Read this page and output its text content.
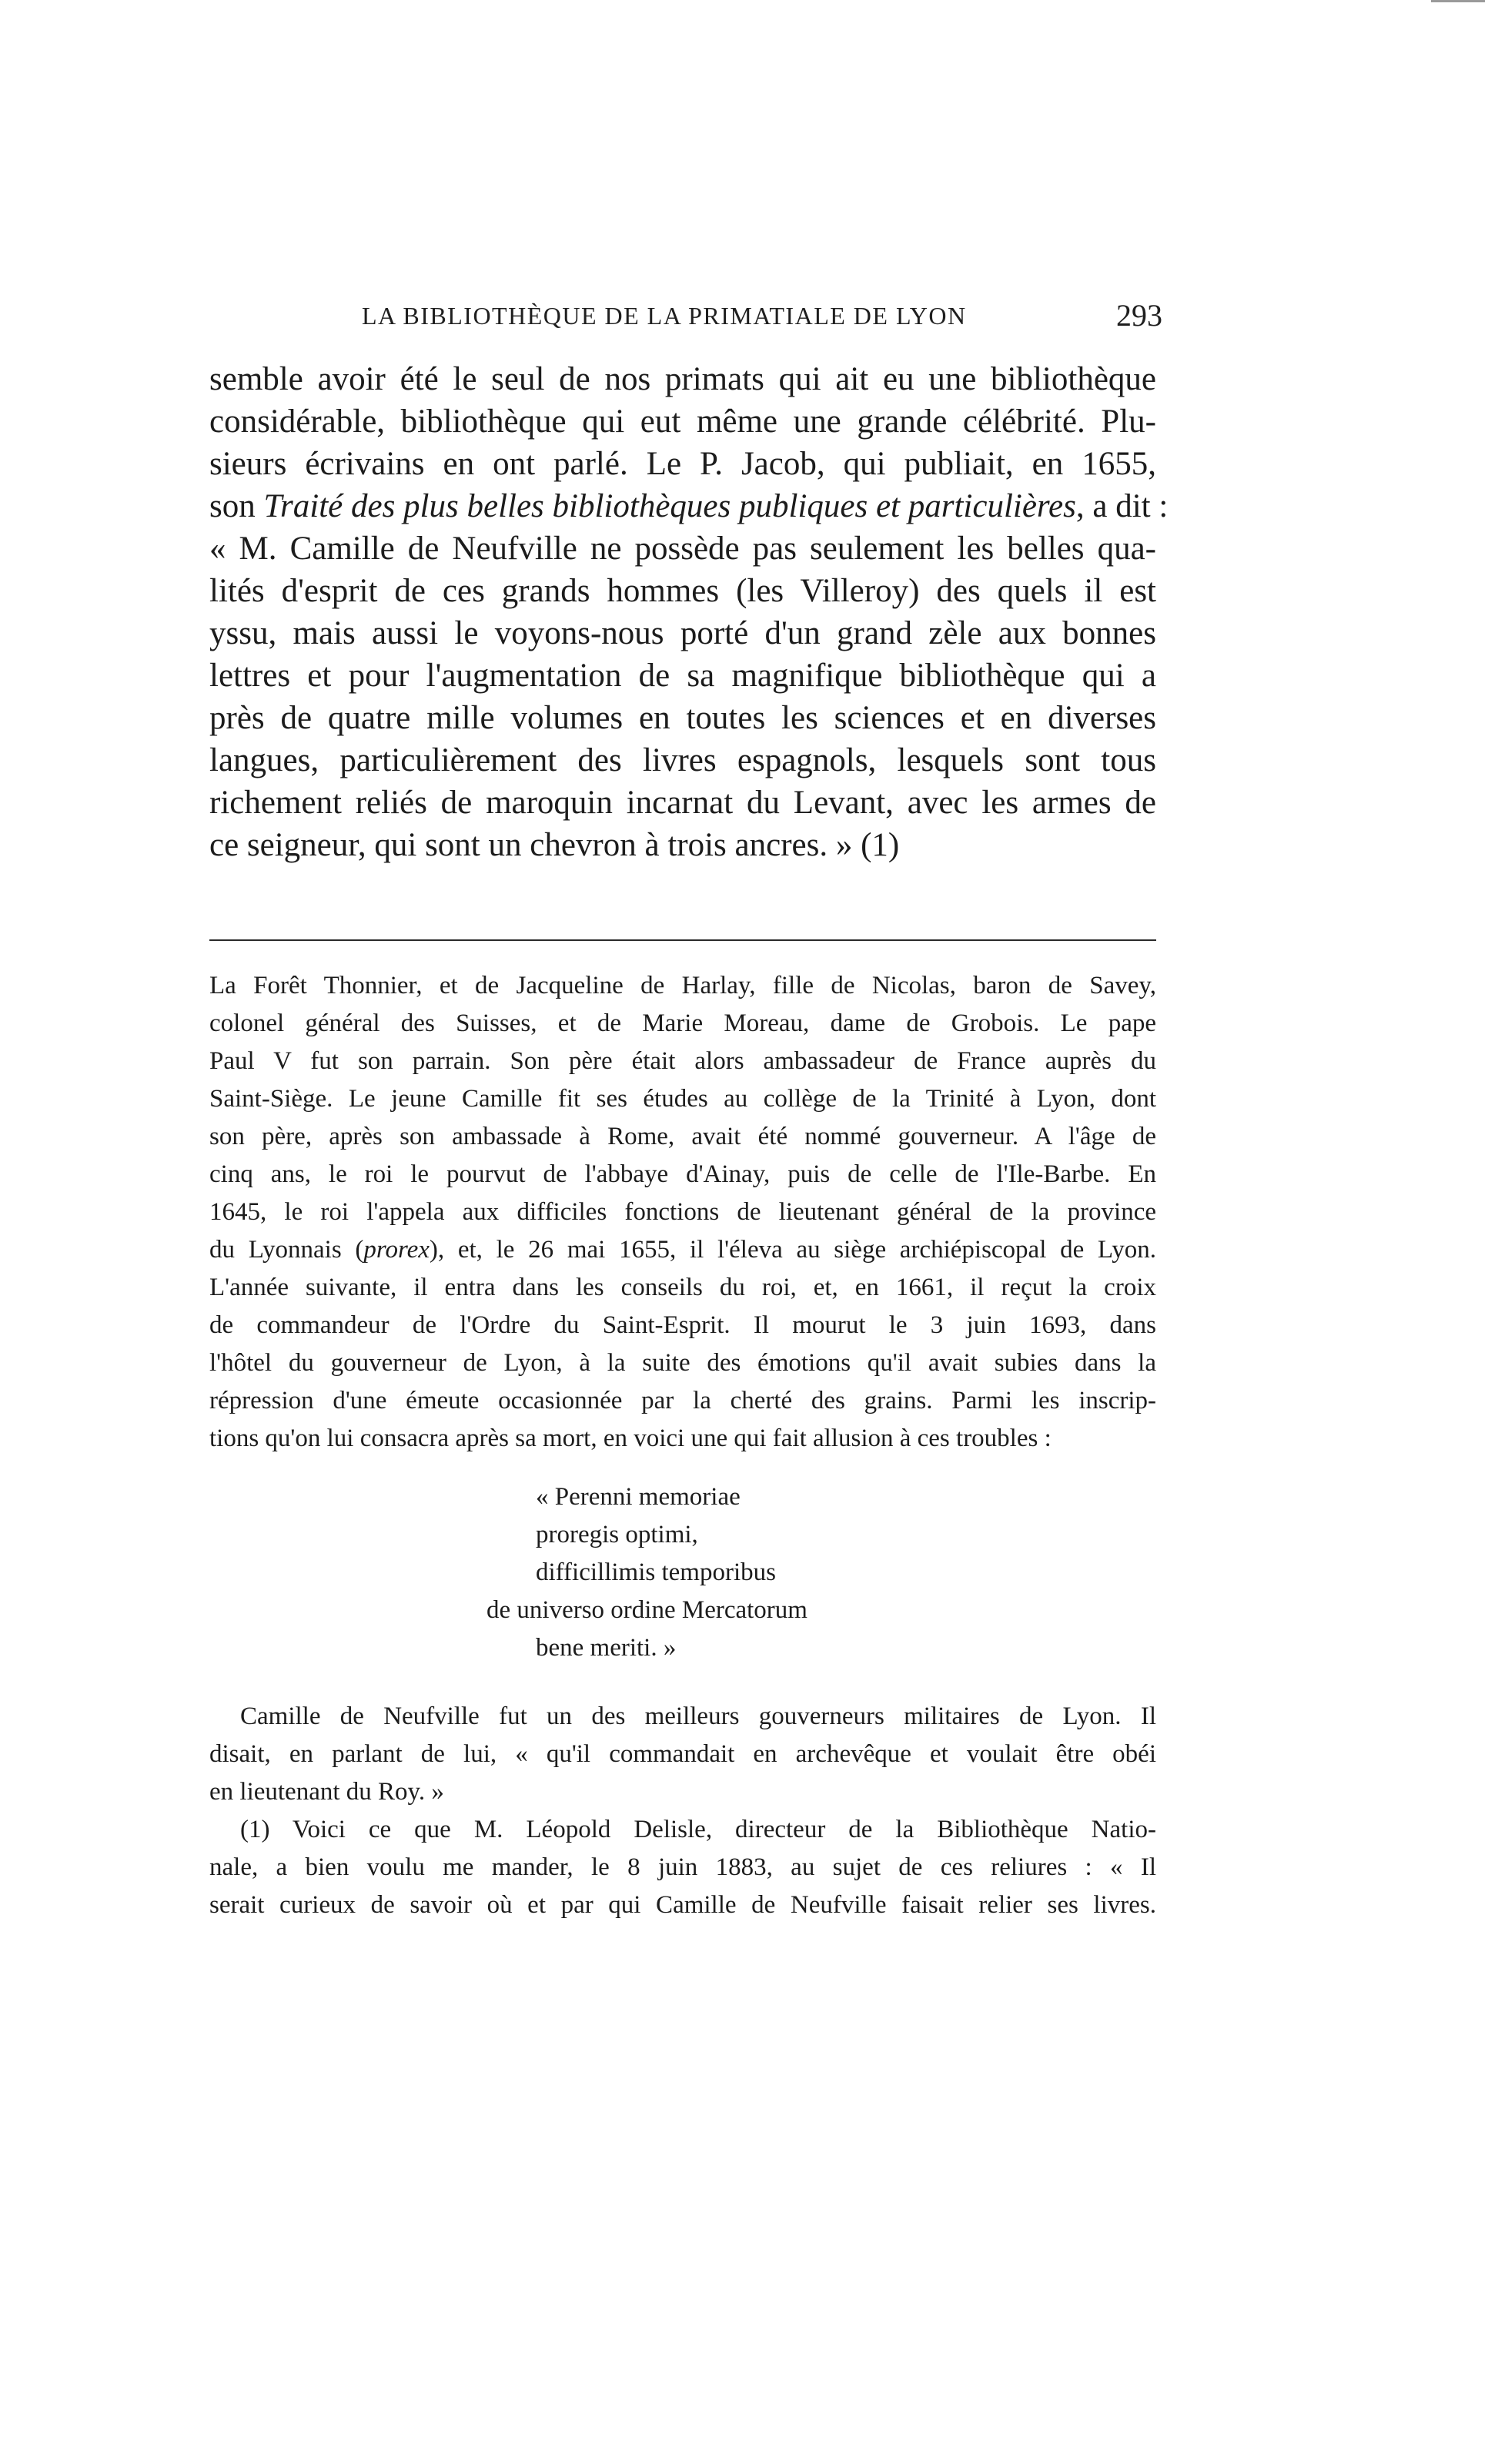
LA BIBLIOTHÈQUE DE LA PRIMATIALE DE LYON	293
semble avoir été le seul de nos primats qui ait eu une bibliothèque
considérable, bibliothèque qui eut même une grande célébrité. Plu-
sieurs écrivains en ont parlé. Le P. Jacob, qui publiait, en 1655,
son Traité des plus belles bibliothèques publiques et particulières, a dit :
« M. Camille de Neufville ne possède pas seulement les belles qua-
lités d'esprit de ces grands hommes (les Villeroy) des quels il est
yssu, mais aussi le voyons-nous porté d'un grand zèle aux bonnes
lettres et pour l'augmentation de sa magnifique bibliothèque qui a
près de quatre mille volumes en toutes les sciences et en diverses
langues, particulièrement des livres espagnols, lesquels sont tous
richement reliés de maroquin incarnat du Levant, avec les armes de
ce seigneur, qui sont un chevron à trois ancres. » (1)
La Forêt Thonnier, et de Jacqueline de Harlay, fille de Nicolas, baron de Savey,
colonel général des Suisses, et de Marie Moreau, dame de Grobois. Le pape
Paul V fut son parrain. Son père était alors ambassadeur de France auprès du
Saint-Siège. Le jeune Camille fit ses études au collège de la Trinité à Lyon, dont
son père, après son ambassade à Rome, avait été nommé gouverneur. A l'âge de
cinq ans, le roi le pourvut de l'abbaye d'Ainay, puis de celle de l'Ile-Barbe. En
1645, le roi l'appela aux difficiles fonctions de lieutenant général de la province
du Lyonnais (prorex), et, le 26 mai 1655, il l'éleva au siège archiépiscopal de Lyon.
L'année suivante, il entra dans les conseils du roi, et, en 1661, il reçut la croix
de commandeur de l'Ordre du Saint-Esprit. Il mourut le 3 juin 1693, dans
l'hôtel du gouverneur de Lyon, à la suite des émotions qu'il avait subies dans la
répression d'une émeute occasionnée par la cherté des grains. Parmi les inscrip-
tions qu'on lui consacra après sa mort, en voici une qui fait allusion à ces troubles :
« Perenni memoriae
proregis optimi,
difficillimis temporibus
de universo ordine Mercatorum
bene meriti. »
Camille de Neufville fut un des meilleurs gouverneurs militaires de Lyon. Il
disait, en parlant de lui, « qu'il commandait en archevêque et voulait être obéi
en lieutenant du Roy. »
(1) Voici ce que M. Léopold Delisle, directeur de la Bibliothèque Natio-
nale, a bien voulu me mander, le 8 juin 1883, au sujet de ces reliures : « Il
serait curieux de savoir où et par qui Camille de Neufville faisait relier ses livres.
